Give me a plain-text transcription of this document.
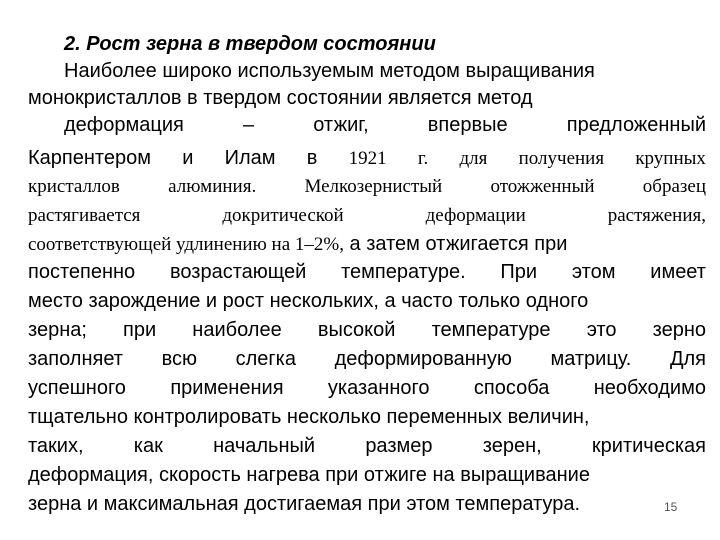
2. Рост зерна в твердом состоянии
Наиболее широко используемым методом выращивания
монокристаллов в твердом состоянии является метод
деформация	–	отжиг,	впервые	предложенный
Карпентером и Илам в 1921 г. для получения крупных
кристаллов	алюминия.	Мелкозернистый	отожженный	образец
растягивается	докритической	деформации	растяжения,
соответствующей удлинению на 1–2%, а затем отжигается при
постепенно возрастающей температуре. При этом имеет
место зарождение и рост нескольких, а часто только одного
зерна; при наиболее высокой температуре это зерно
заполняет всю слегка деформированную матрицу. Для
успешного применения указанного способа необходимо
тщательно контролировать несколько переменных величин,
таких,	как	начальный	размер	зерен,	критическая
деформация, скорость нагрева при отжиге на выращивание
зерна и максимальная достигаемая при этом температура.	15
